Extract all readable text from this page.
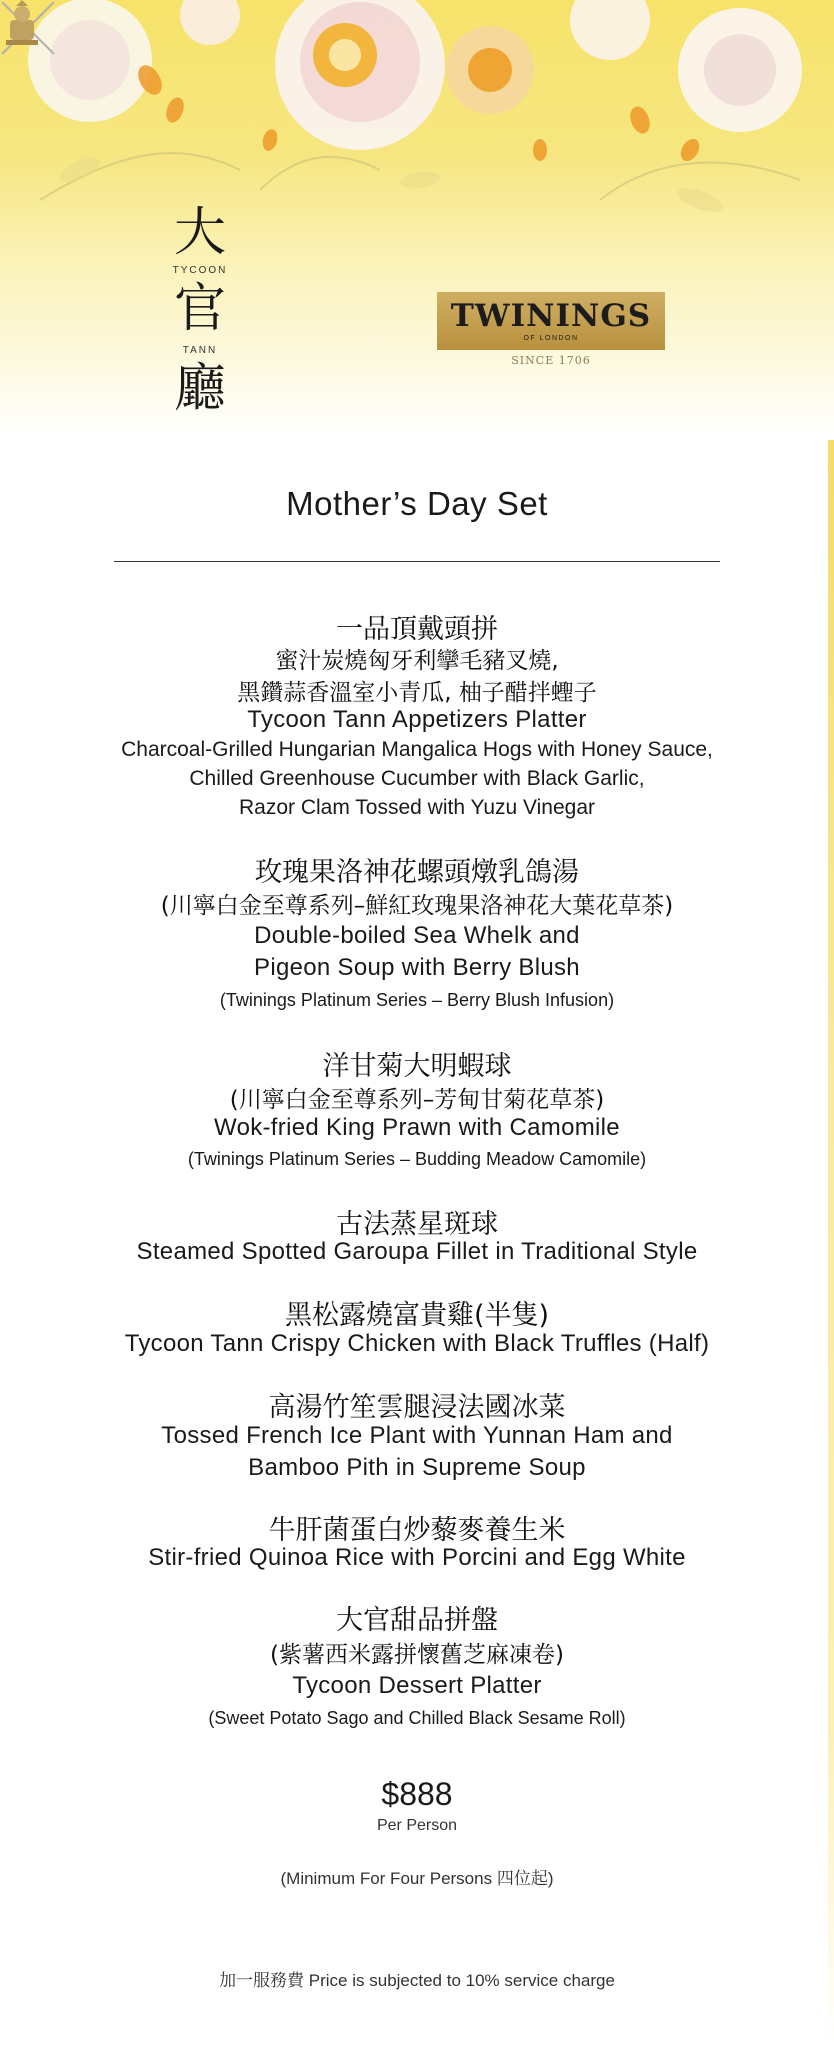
大
TYCOON
官
TANN
廳
TWININGS
OF LONDON
SINCE 1706
Mother’s Day Set
一品頂戴頭拼
蜜汁炭燒匈牙利攣毛豬叉燒,
黑鑽蒜香溫室小青瓜, 柚子醋拌蟶子
Tycoon Tann Appetizers Platter
Charcoal-Grilled Hungarian Mangalica Hogs with Honey Sauce,
Chilled Greenhouse Cucumber with Black Garlic,
Razor Clam Tossed with Yuzu Vinegar
玫瑰果洛神花螺頭燉乳鴿湯
(川寧白金至尊系列–鮮紅玫瑰果洛神花大葉花草茶)
Double-boiled Sea Whelk and
Pigeon Soup with Berry Blush
(Twinings Platinum Series – Berry Blush Infusion)
洋甘菊大明蝦球
(川寧白金至尊系列–芳甸甘菊花草茶)
Wok-fried King Prawn with Camomile
(Twinings Platinum Series – Budding Meadow Camomile)
古法蒸星斑球
Steamed Spotted Garoupa Fillet in Traditional Style
黑松露燒富貴雞(半隻)
Tycoon Tann Crispy Chicken with Black Truffles (Half)
高湯竹笙雲腿浸法國冰菜
Tossed French Ice Plant with Yunnan Ham and
Bamboo Pith in Supreme Soup
牛肝菌蛋白炒藜麥養生米
Stir-fried Quinoa Rice with Porcini and Egg White
大官甜品拼盤
(紫薯西米露拼懷舊芝麻凍卷)
Tycoon Dessert Platter
(Sweet Potato Sago and Chilled Black Sesame Roll)
$888
Per Person
(Minimum For Four Persons 四位起)
加一服務費 Price is subjected to 10% service charge
